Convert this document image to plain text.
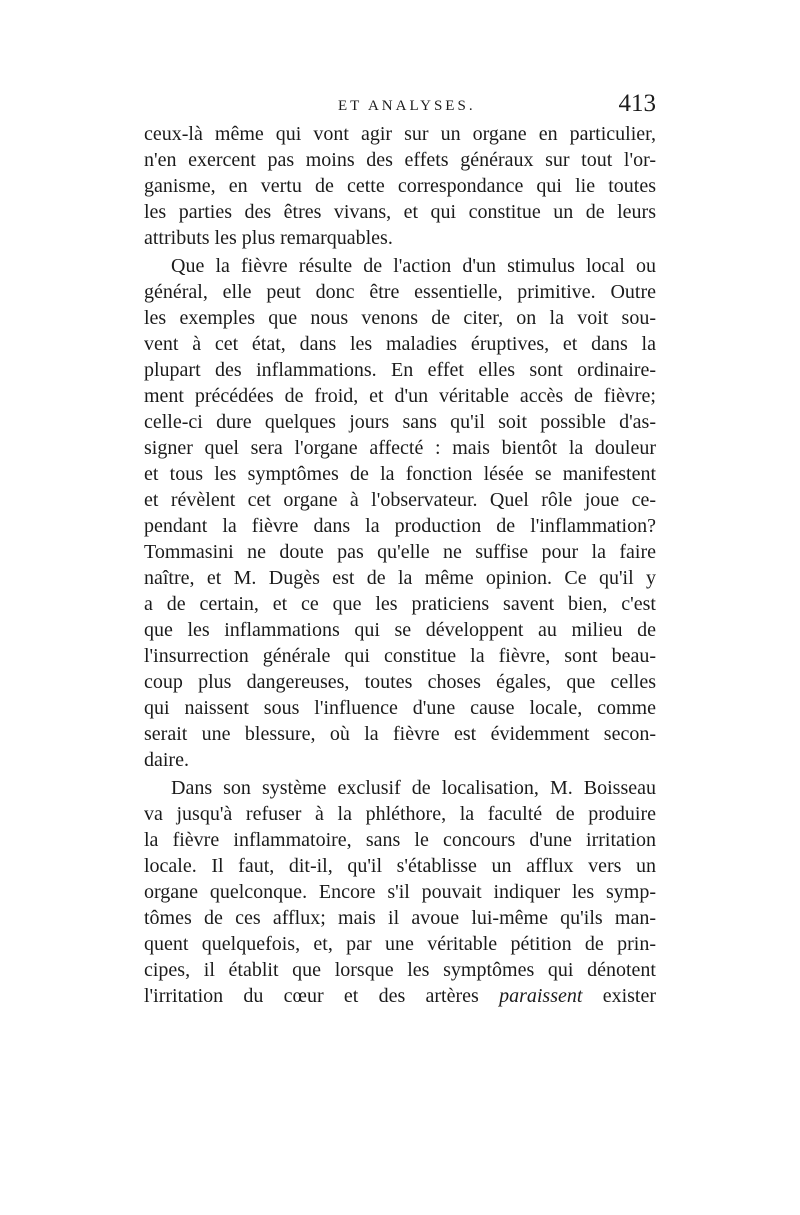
ET ANALYSES.	413
ceux-là même qui vont agir sur un organe en particulier,
n'en exercent pas moins des effets généraux sur tout l'or-
ganisme, en vertu de cette correspondance qui lie toutes
les parties des êtres vivans, et qui constitue un de leurs
attributs les plus remarquables.
Que la fièvre résulte de l'action d'un stimulus local ou
général, elle peut donc être essentielle, primitive. Outre
les exemples que nous venons de citer, on la voit sou-
vent à cet état, dans les maladies éruptives, et dans la
plupart des inflammations. En effet elles sont ordinaire-
ment précédées de froid, et d'un véritable accès de fièvre;
celle-ci dure quelques jours sans qu'il soit possible d'as-
signer quel sera l'organe affecté : mais bientôt la douleur
et tous les symptômes de la fonction lésée se manifestent
et révèlent cet organe à l'observateur. Quel rôle joue ce-
pendant la fièvre dans la production de l'inflammation?
Tommasini ne doute pas qu'elle ne suffise pour la faire
naître, et M. Dugès est de la même opinion. Ce qu'il y
a de certain, et ce que les praticiens savent bien, c'est
que les inflammations qui se développent au milieu de
l'insurrection générale qui constitue la fièvre, sont beau-
coup plus dangereuses, toutes choses égales, que celles
qui naissent sous l'influence d'une cause locale, comme
serait une blessure, où la fièvre est évidemment secon-
daire.
Dans son système exclusif de localisation, M. Boisseau
va jusqu'à refuser à la phléthore, la faculté de produire
la fièvre inflammatoire, sans le concours d'une irritation
locale. Il faut, dit-il, qu'il s'établisse un afflux vers un
organe quelconque. Encore s'il pouvait indiquer les symp-
tômes de ces afflux; mais il avoue lui-même qu'ils man-
quent quelquefois, et, par une véritable pétition de prin-
cipes, il établit que lorsque les symptômes qui dénotent
l'irritation du cœur et des artères paraissent exister
